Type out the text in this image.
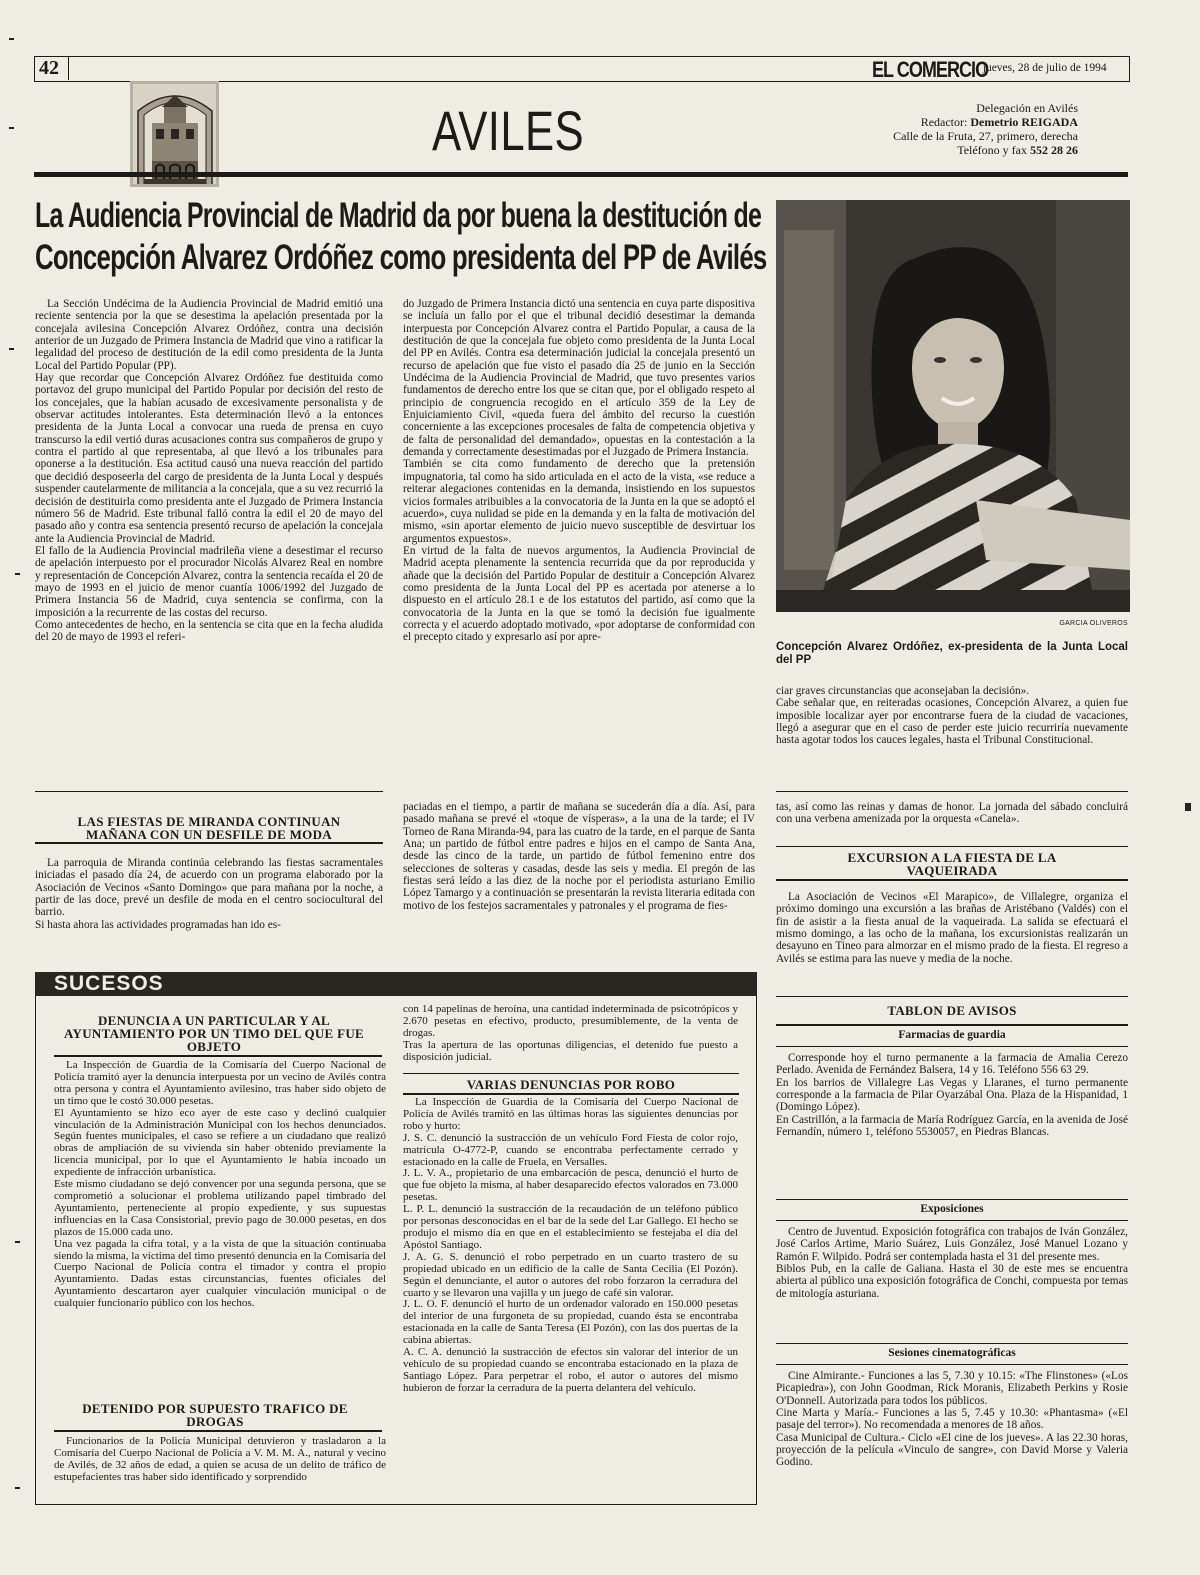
42	EL COMERCIO
. jueves, 28 de julio de 1994
AVILES	Delegación en Avilés
Redactor: Demetrio REIGADA
Calle de la Fruta, 27, primero, derecha
Teléfono y fax 552 28 26
La Audiencia Provincial de Madrid da por buena la destitución de
Concepción Alvarez Ordóñez como presidenta del PP de Avilés

La Sección Undécima de la Audiencia Provincial de Madrid emitió una reciente sentencia por la que se desestima la apelación presentada por la concejala avilesina Concepción Alvarez Ordóñez, contra una decisión anterior de un Juzgado de Primera Instancia de Madrid que vino a ratificar la legalidad del proceso de destitución de la edil como presidenta de la Junta Local del Partido Popular (PP).
Hay que recordar que Concepción Alvarez Ordóñez fue destituida como portavoz del grupo municipal del Partido Popular por decisión del resto de los concejales, que la habían acusado de excesivamente personalista y de observar actitudes intolerantes. Esta determinación llevó a la entonces presidenta de la Junta Local a convocar una rueda de prensa en cuyo transcurso la edil vertió duras acusaciones contra sus compañeros de grupo y contra el partido al que representaba, al que llevó a los tribunales para oponerse a la destitución. Esa actitud causó una nueva reacción del partido que decidió desposeerla del cargo de presidenta de la Junta Local y después suspender cautelarmente de militancia a la concejala, que a su vez recurrió la decisión de destituirla como presidenta ante el Juzgado de Primera Instancia número 56 de Madrid. Este tribunal falló contra la edil el 20 de mayo del pasado año y contra esa sentencia presentó recurso de apelación la concejala ante la Audiencia Provincial de Madrid.
El fallo de la Audiencia Provincial madrileña viene a desestimar el recurso de apelación interpuesto por el procurador Nicolás Alvarez Real en nombre y representación de Concepción Alvarez, contra la sentencia recaída el 20 de mayo de 1993 en el juicio de menor cuantía 1006/1992 del Juzgado de Primera Instancia 56 de Madrid, cuya sentencia se confirma, con la imposición a la recurrente de las costas del recurso.
Como antecedentes de hecho, en la sentencia se cita que en la fecha aludida del 20 de mayo de 1993 el referi-

do Juzgado de Primera Instancia dictó una sentencia en cuya parte dispositiva se incluía un fallo por el que el tribunal decidió desestimar la demanda interpuesta por Concepción Alvarez contra el Partido Popular, a causa de la destitución de que la concejala fue objeto como presidenta de la Junta Local del PP en Avilés. Contra esa determinación judicial la concejala presentó un recurso de apelación que fue visto el pasado día 25 de junio en la Sección Undécima de la Audiencia Provincial de Madrid, que tuvo presentes varios fundamentos de derecho entre los que se citan que, por el obligado respeto al principio de congruencia recogido en el artículo 359 de la Ley de Enjuiciamiento Civil, «queda fuera del ámbito del recurso la cuestión concerniente a las excepciones procesales de falta de competencia objetiva y de falta de personalidad del demandado», opuestas en la contestación a la demanda y correctamente desestimadas por el Juzgado de Primera Instancia.
También se cita como fundamento de derecho que la pretensión impugnatoria, tal como ha sido articulada en el acto de la vista, «se reduce a reiterar alegaciones contenidas en la demanda, insistiendo en los supuestos vicios formales atribuibles a la convocatoria de la Junta en la que se adoptó el acuerdo», cuya nulidad se pide en la demanda y en la falta de motivación del mismo, «sin aportar elemento de juicio nuevo susceptible de desvirtuar los argumentos expuestos».
En virtud de la falta de nuevos argumentos, la Audiencia Provincial de Madrid acepta plenamente la sentencia recurrida que da por reproducida y añade que la decisión del Partido Popular de destituir a Concepción Alvarez como presidenta de la Junta Local del PP es acertada por atenerse a lo dispuesto en el artículo 28.1 e de los estatutos del partido, así como que la convocatoria de la Junta en la que se tomó la decisión fue igualmente correcta y el acuerdo adoptado motivado, «por adoptarse de conformidad con el precepto citado y expresarlo así por apre-

GARCIA OLIVEROS
Concepción Alvarez Ordóñez, ex-presidenta de la Junta Local del PP

ciar graves circunstancias que aconsejaban la decisión».
Cabe señalar que, en reiteradas ocasiones, Concepción Alvarez, a quien fue imposible localizar ayer por encontrarse fuera de la ciudad de vacaciones, llegó a asegurar que en el caso de perder este juicio recurriría nuevamente hasta agotar todos los cauces legales, hasta el Tribunal Constitucional.

LAS FIESTAS DE MIRANDA CONTINUAN MAÑANA CON UN DESFILE DE MODA

La parroquia de Miranda continúa celebrando las fiestas sacramentales iniciadas el pasado día 24, de acuerdo con un programa elaborado por la Asociación de Vecinos «Santo Domingo» que para mañana por la noche, a partir de las doce, prevé un desfile de moda en el centro sociocultural del barrio.
Si hasta ahora las actividades programadas han ido es-

paciadas en el tiempo, a partir de mañana se sucederán día a día. Así, para pasado mañana se prevé el «toque de vísperas», a la una de la tarde; el IV Torneo de Rana Miranda-94, para las cuatro de la tarde, en el parque de Santa Ana; un partido de fútbol entre padres e hijos en el campo de Santa Ana, desde las cinco de la tarde, un partido de fútbol femenino entre dos selecciones de solteras y casadas, desde las seis y media. El pregón de las fiestas será leído a las diez de la noche por el periodista asturiano Emilio López Tamargo y a continuación se presentarán la revista literaria editada con motivo de los festejos sacramentales y patronales y el programa de fies-

tas, así como las reinas y damas de honor. La jornada del sábado concluirá con una verbena amenizada por la orquesta «Canela».

EXCURSION A LA FIESTA DE LA VAQUEIRADA

La Asociación de Vecinos «El Marapico», de Villalegre, organiza el próximo domingo una excursión a las brañas de Aristébano (Valdés) con el fin de asistir a la fiesta anual de la vaqueirada. La salida se efectuará el mismo domingo, a las ocho de la mañana, los excursionistas realizarán un desayuno en Tineo para almorzar en el mismo prado de la fiesta. El regreso a Avilés se estima para las nueve y media de la noche.

SUCESOS
DENUNCIA A UN PARTICULAR Y AL AYUNTAMIENTO POR UN TIMO DEL QUE FUE OBJETO

La Inspección de Guardia de la Comisaría del Cuerpo Nacional de Policía tramitó ayer la denuncia interpuesta por un vecino de Avilés contra otra persona y contra el Ayuntamiento avilesino, tras haber sido objeto de un timo que le costó 30.000 pesetas.
El Ayuntamiento se hizo eco ayer de este caso y declinó cualquier vinculación de la Administración Municipal con los hechos denunciados. Según fuentes municipales, el caso se refiere a un ciudadano que realizó obras de ampliación de su vivienda sin haber obtenido previamente la licencia municipal, por lo que el Ayuntamiento le había incoado un expediente de infracción urbanística.
Este mismo ciudadano se dejó convencer por una segunda persona, que se comprometió a solucionar el problema utilizando papel timbrado del Ayuntamiento, perteneciente al propio expediente, y sus supuestas influencias en la Casa Consistorial, previo pago de 30.000 pesetas, en dos plazos de 15.000 cada uno.
Una vez pagada la cifra total, y a la vista de que la situación continuaba siendo la misma, la víctima del timo presentó denuncia en la Comisaría del Cuerpo Nacional de Policía contra el timador y contra el propio Ayuntamiento. Dadas estas circunstancias, fuentes oficiales del Ayuntamiento descartaron ayer cualquier vinculación municipal o de cualquier funcionario público con los hechos.

DETENIDO POR SUPUESTO TRAFICO DE DROGAS

Funcionarios de la Policía Municipal detuvieron y trasladaron a la Comisaría del Cuerpo Nacional de Policía a V. M. M. A., natural y vecino de Avilés, de 32 años de edad, a quien se acusa de un delito de tráfico de estupefacientes tras haber sido identificado y sorprendido

con 14 papelinas de heroína, una cantidad indeterminada de psicotrópicos y 2.670 pesetas en efectivo, producto, presumiblemente, de la venta de drogas.
Tras la apertura de las oportunas diligencias, el detenido fue puesto a disposición judicial.

VARIAS DENUNCIAS POR ROBO

La Inspección de Guardia de la Comisaría del Cuerpo Nacional de Policía de Avilés tramitó en las últimas horas las siguientes denuncias por robo y hurto:
J. S. C. denunció la sustracción de un vehículo Ford Fiesta de color rojo, matrícula O-4772-P, cuando se encontraba perfectamente cerrado y estacionado en la calle de Fruela, en Versalles.
J. L. V. A., propietario de una embarcación de pesca, denunció el hurto de que fue objeto la misma, al haber desaparecido efectos valorados en 73.000 pesetas.
L. P. L. denunció la sustracción de la recaudación de un teléfono público por personas desconocidas en el bar de la sede del Lar Gallego. El hecho se produjo el mismo día en que en el establecimiento se festejaba el día del Apóstol Santiago.
J. A. G. S. denunció el robo perpetrado en un cuarto trastero de su propiedad ubicado en un edificio de la calle de Santa Cecilia (El Pozón). Según el denunciante, el autor o autores del robo forzaron la cerradura del cuarto y se llevaron una vajilla y un juego de café sin valorar.
J. L. O. F. denunció el hurto de un ordenador valorado en 150.000 pesetas del interior de una furgoneta de su propiedad, cuando ésta se encontraba estacionada en la calle de Santa Teresa (El Pozón), con las dos puertas de la cabina abiertas.
A. C. A. denunció la sustracción de efectos sin valorar del interior de un vehículo de su propiedad cuando se encontraba estacionado en la plaza de Santiago López. Para perpetrar el robo, el autor o autores del mismo hubieron de forzar la cerradura de la puerta delantera del vehículo.

TABLON DE AVISOS
Farmacias de guardia

Corresponde hoy el turno permanente a la farmacia de Amalia Cerezo Perlado. Avenida de Fernández Balsera, 14 y 16. Teléfono 556 63 29.
En los barrios de Villalegre Las Vegas y Llaranes, el turno permanente corresponde a la farmacia de Pilar Oyarzábal Ona. Plaza de la Hispanidad, 1 (Domingo López).
En Castrillón, a la farmacia de María Rodríguez García, en la avenida de José Fernandín, número 1, teléfono 5530057, en Piedras Blancas.

Exposiciones

Centro de Juventud. Exposición fotográfica con trabajos de Iván González, José Carlos Artime, Mario Suárez, Luis González, José Manuel Lozano y Ramón F. Wilpido. Podrá ser contemplada hasta el 31 del presente mes.
Biblos Pub, en la calle de Galiana. Hasta el 30 de este mes se encuentra abierta al público una exposición fotográfica de Conchi, compuesta por temas de mitología asturiana.

Sesiones cinematográficas

Cine Almirante.- Funciones a las 5, 7.30 y 10.15: «The Flinstones» («Los Picapiedra»), con John Goodman, Rick Moranis, Elizabeth Perkins y Rosie O'Donnell. Autorizada para todos los públicos.
Cine Marta y María.- Funciones a las 5, 7.45 y 10.30: «Phantasma» («El pasaje del terror»). No recomendada a menores de 18 años.
Casa Municipal de Cultura.- Ciclo «El cine de los jueves». A las 22.30 horas, proyección de la película «Vinculo de sangre», con David Morse y Valeria Godino.
